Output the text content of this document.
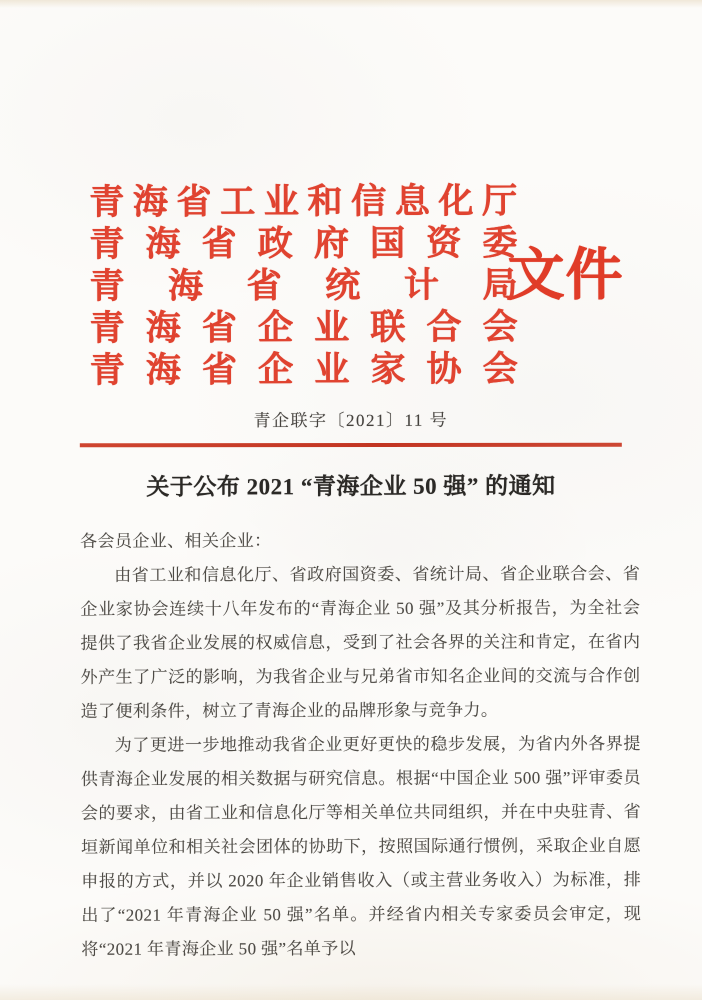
青 海 省 工 业 和 信 息 化 厅
青 海 省 政 府 国 资 委
青 海 省 统 计 局
青 海 省 企 业 联 合 会
青 海 省 企 业 家 协 会
文件
青企联字〔2021〕11 号
关于公布 2021 “青海企业 50 强” 的通知

各会员企业、相关企业：

由省工业和信息化厅、省政府国资委、省统计局、省企业联合会、省企业家协会连续十八年发布的“青海企业 50 强”及其分析报告，为全社会提供了我省企业发展的权威信息，受到了社会各界的关注和肯定，在省内外产生了广泛的影响，为我省企业与兄弟省市知名企业间的交流与合作创造了便利条件，树立了青海企业的品牌形象与竞争力。

为了更进一步地推动我省企业更好更快的稳步发展，为省内外各界提供青海企业发展的相关数据与研究信息。根据“中国企业 500 强”评审委员会的要求，由省工业和信息化厅等相关单位共同组织，并在中央驻青、省垣新闻单位和相关社会团体的协助下，按照国际通行惯例，采取企业自愿申报的方式，并以 2020 年企业销售收入（或主营业务收入）为标准，排出了“2021 年青海企业 50 强”名单。并经省内相关专家委员会审定，现将“2021 年青海企业 50 强”名单予以
